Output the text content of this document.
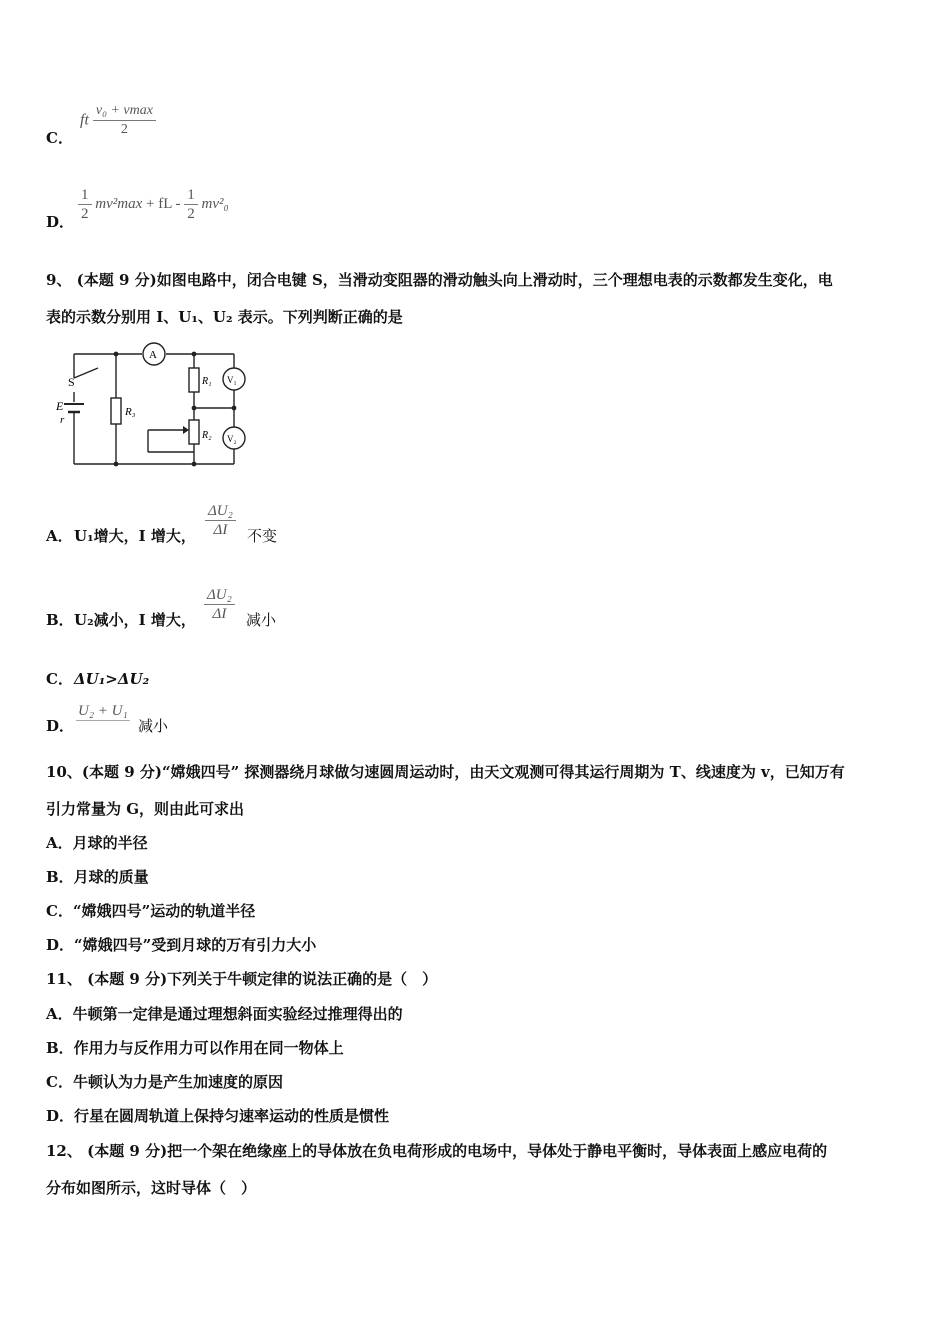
C．
ft $\frac{\text{v₀ + vmax}}{2}$
D． $\frac{1}{2} mv^2\max$ + fL - $\frac{1}{2} mv^2_0$
9、 (本题 9 分)如图电路中，闭合电键 S，当滑动变阻器的滑动触头向上滑动时，三个理想电表的示数都发生变化，电
表的示数分别用 I、U₁、U₂ 表示。下列判断正确的是
S
E
r
R₃
A
R₁ V₁
R₂ V₂
A． U₁增大，I 增大， $\frac{\text{ΔU₂}}{\Delta I}$ 不变
B． U₂减小，I 增大， $\frac{\text{ΔU₂}}{\Delta I}$ 减小
C． ΔU₁>ΔU₂
D．
U₂ + U₁
减小
10、(本题 9 分)“嫦娥四号” 探测器绕月球做匀速圆周运动时，由天文观测可得其运行周期为 T、线速度为 v，已知万有
引力常量为 G，则由此可求出
A．月球的半径
B．月球的质量
C．“嫦娥四号”运动的轨道半径
D．“嫦娥四号”受到月球的万有引力大小
11、 (本题 9 分)下列关于牛顿定律的说法正确的是（　）
A．牛顿第一定律是通过理想斜面实验经过推理得出的
B．作用力与反作用力可以作用在同一物体上
C．牛顿认为力是产生加速度的原因
D．行星在圆周轨道上保持匀速率运动的性质是惯性
12、 (本题 9 分)把一个架在绝缘座上的导体放在负电荷形成的电场中，导体处于静电平衡时，导体表面上感应电荷的
分布如图所示，这时导体（　）
